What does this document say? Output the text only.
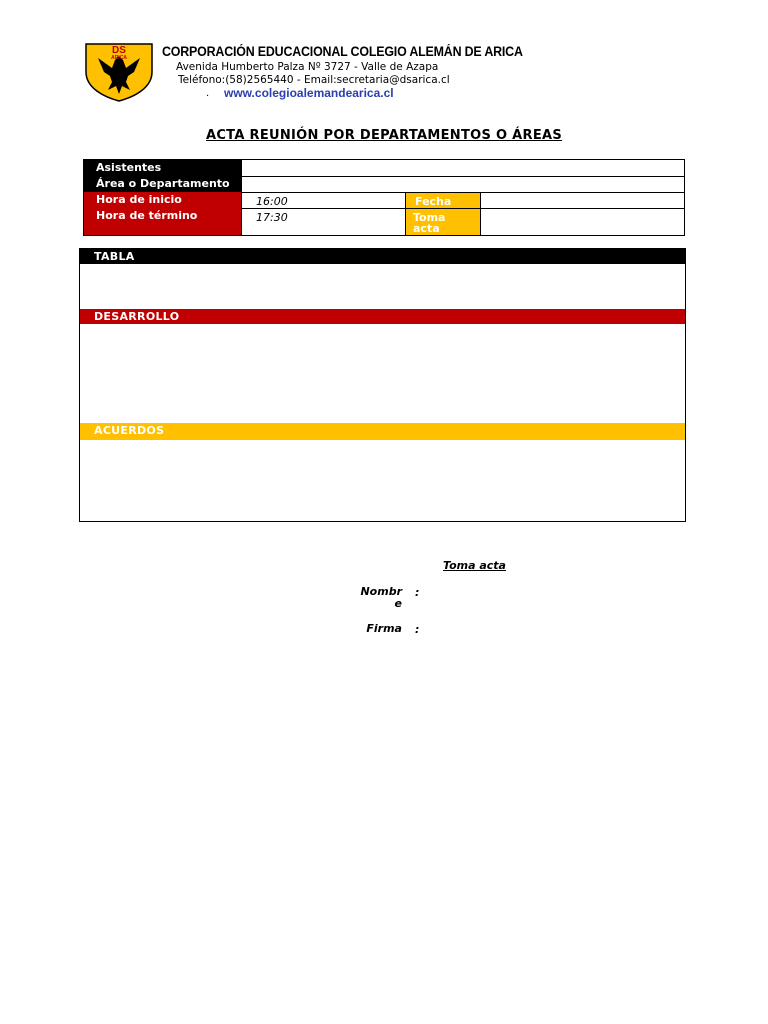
DS
ARICA	CORPORACIÓN EDUCACIONAL COLEGIO ALEMÁN DE ARICA
Avenida Humberto Palza Nº 3727 - Valle de Azapa
Teléfono:(58)2565440 - Email:secretaria@dsarica.cl
. www.colegioalemandearica.cl
ACTA REUNIÓN POR DEPARTAMENTOS O ÁREAS
Asistentes
Área o Departamento
Hora de inicio	16:00	Fecha
Hora de término	17:30	Toma acta
TABLA
DESARROLLO
ACUERDOS
Toma acta
Nombre
:
Firma :
